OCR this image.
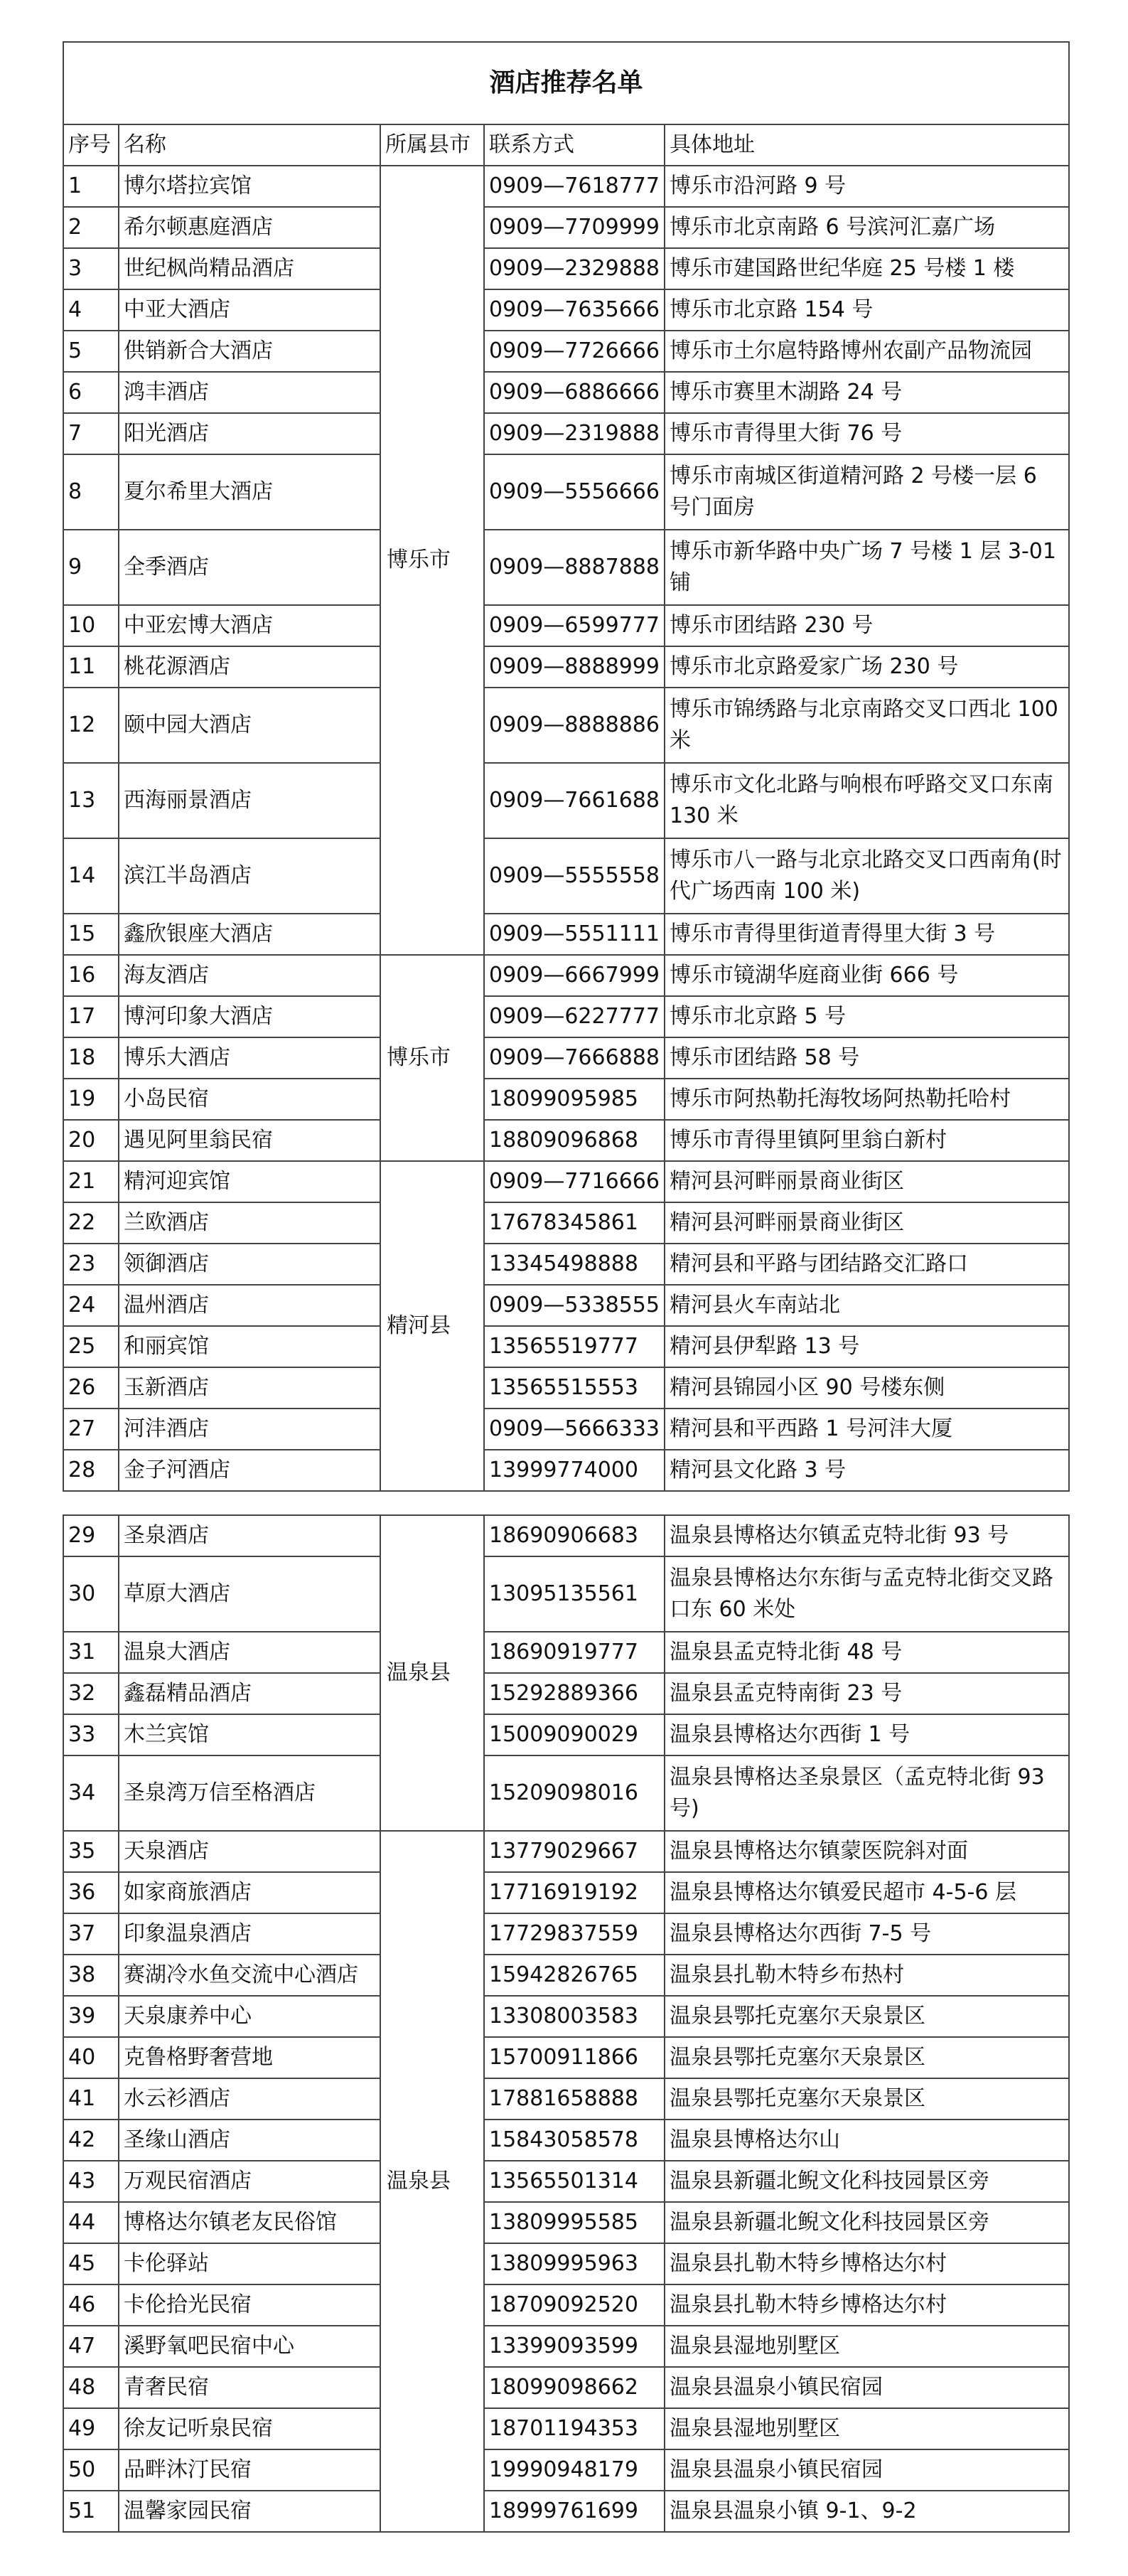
酒店推荐名单				
序号	名称	所属县市	联系方式	具体地址
1	博尔塔拉宾馆	博乐市	0909—7618777	博乐市沿河路 9 号
2	希尔顿惠庭酒店		0909—7709999	博乐市北京南路 6 号滨河汇嘉广场
3	世纪枫尚精品酒店		0909—2329888	博乐市建国路世纪华庭 25 号楼 1 楼
4	中亚大酒店		0909—7635666	博乐市北京路 154 号
5	供销新合大酒店		0909—7726666	博乐市土尔扈特路博州农副产品物流园
6	鸿丰酒店		0909—6886666	博乐市赛里木湖路 24 号
7	阳光酒店		0909—2319888	博乐市青得里大街 76 号
8	夏尔希里大酒店		0909—5556666	博乐市南城区街道精河路 2 号楼一层 6 号门面房
9	全季酒店		0909—8887888	博乐市新华路中央广场 7 号楼 1 层 3-01 铺
10	中亚宏博大酒店		0909—6599777	博乐市团结路 230 号
11	桃花源酒店		0909—8888999	博乐市北京路爱家广场 230 号
12	颐中园大酒店		0909—8888886	博乐市锦绣路与北京南路交叉口西北 100 米
13	西海丽景酒店		0909—7661688	博乐市文化北路与响根布呼路交叉口东南 130 米
14	滨江半岛酒店		0909—5555558	博乐市八一路与北京北路交叉口西南角(时代广场西南 100 米)
15	鑫欣银座大酒店		0909—5551111	博乐市青得里街道青得里大街 3 号
16	海友酒店	博乐市	0909—6667999	博乐市镜湖华庭商业街 666 号
17	博河印象大酒店		0909—6227777	博乐市北京路 5 号
18	博乐大酒店		0909—7666888	博乐市团结路 58 号
19	小岛民宿		18099095985	博乐市阿热勒托海牧场阿热勒托哈村
20	遇见阿里翁民宿		18809096868	博乐市青得里镇阿里翁白新村
21	精河迎宾馆	精河县	0909—7716666	精河县河畔丽景商业街区
22	兰欧酒店		17678345861	精河县河畔丽景商业街区
23	领御酒店		13345498888	精河县和平路与团结路交汇路口
24	温州酒店		0909—5338555	精河县火车南站北
25	和丽宾馆		13565519777	精河县伊犁路 13 号
26	玉新酒店		13565515553	精河县锦园小区 90 号楼东侧
27	河沣酒店		0909—5666333	精河县和平西路 1 号河沣大厦
28	金子河酒店		13999774000	精河县文化路 3 号
29	圣泉酒店	温泉县	18690906683	温泉县博格达尔镇孟克特北街 93 号
30	草原大酒店		13095135561	温泉县博格达尔东街与孟克特北街交叉路口东 60 米处
31	温泉大酒店		18690919777	温泉县孟克特北街 48 号
32	鑫磊精品酒店		15292889366	温泉县孟克特南街 23 号
33	木兰宾馆		15009090029	温泉县博格达尔西街 1 号
34	圣泉湾万信至格酒店		15209098016	温泉县博格达圣泉景区（孟克特北街 93 号)
35	天泉酒店	温泉县	13779029667	温泉县博格达尔镇蒙医院斜对面
36	如家商旅酒店		17716919192	温泉县博格达尔镇爱民超市 4-5-6 层
37	印象温泉酒店		17729837559	温泉县博格达尔西街 7-5 号
38	赛湖冷水鱼交流中心酒店		15942826765	温泉县扎勒木特乡布热村
39	天泉康养中心		13308003583	温泉县鄂托克塞尔天泉景区
40	克鲁格野奢营地		15700911866	温泉县鄂托克塞尔天泉景区
41	水云衫酒店		17881658888	温泉县鄂托克塞尔天泉景区
42	圣缘山酒店		15843058578	温泉县博格达尔山
43	万观民宿酒店		13565501314	温泉县新疆北鲵文化科技园景区旁
44	博格达尔镇老友民俗馆		13809995585	温泉县新疆北鲵文化科技园景区旁
45	卡伦驿站		13809995963	温泉县扎勒木特乡博格达尔村
46	卡伦拾光民宿		18709092520	温泉县扎勒木特乡博格达尔村
47	溪野氧吧民宿中心		13399093599	温泉县湿地别墅区
48	青奢民宿		18099098662	温泉县温泉小镇民宿园
49	徐友记听泉民宿		18701194353	温泉县湿地别墅区
50	品畔沐汀民宿		19990948179	温泉县温泉小镇民宿园
51	温馨家园民宿		18999761699	温泉县温泉小镇 9-1、9-2
